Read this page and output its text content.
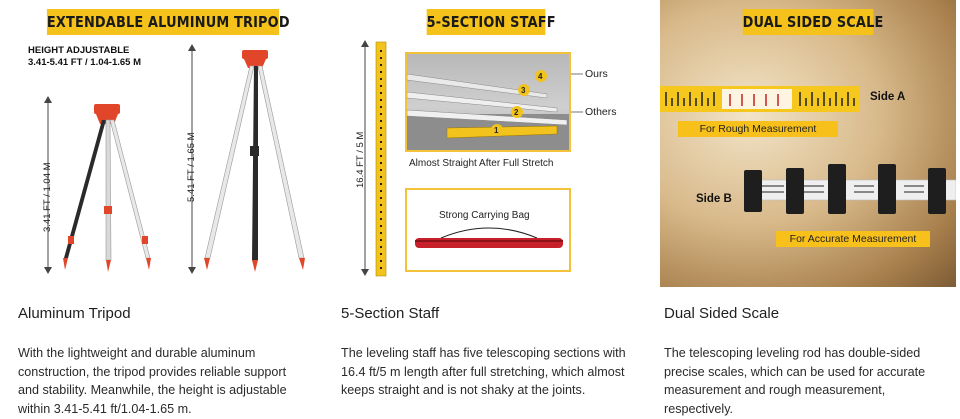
EXTENDABLE ALUMINUM TRIPOD
HEIGHT ADJUSTABLE
3.41-5.41 FT / 1.04-1.65 M
3.41 FT / 1.04 M	5.41 FT / 1.65 M
Aluminum Tripod
With the lightweight and durable aluminum construction, the tripod provides reliable support and stability. Meanwhile, the height is adjustable within 3.41-5.41 ft/1.04-1.65 m.
5-SECTION STAFF
16.4 FT / 5 M
4
3
2
1
Ours
Others
Almost Straight After Full Stretch
Strong Carrying Bag
5-Section Staff
The leveling staff has five telescoping sections with 16.4 ft/5 m length after full stretching, which almost keeps straight and is not shaky at the joints.
DUAL SIDED SCALE
Side A
For Rough Measurement
Side B
For Accurate Measurement
Dual Sided Scale
The telescoping leveling rod has double-sided precise scales, which can be used for accurate measurement and rough measurement, respectively.
